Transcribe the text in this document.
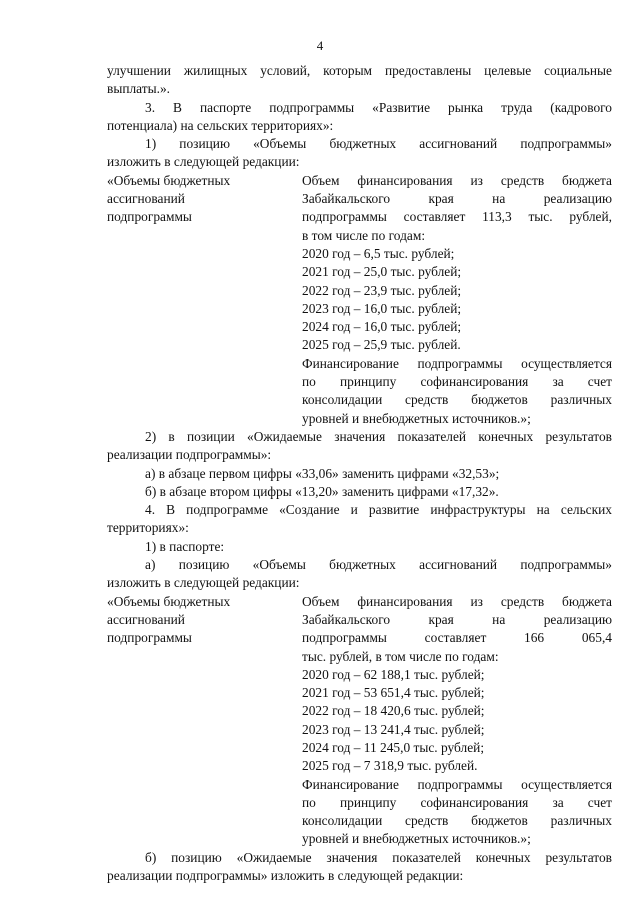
4
улучшении жилищных условий, которым предоставлены целевые социальные
выплаты.».
3. В паспорте подпрограммы «Развитие рынка труда (кадрового
потенциала) на сельских территориях»:
1) позицию «Объемы бюджетных ассигнований подпрограммы»
изложить в следующей редакции:
«Объемы бюджетных
ассигнований
подпрограммы
Объем финансирования из средств бюджета
Забайкальского края на реализацию
подпрограммы составляет 113,3 тыс. рублей,
в том числе по годам:
2020 год – 6,5 тыс. рублей;
2021 год – 25,0 тыс. рублей;
2022 год – 23,9 тыс. рублей;
2023 год – 16,0 тыс. рублей;
2024 год – 16,0 тыс. рублей;
2025 год – 25,9 тыс. рублей.
Финансирование подпрограммы осуществляется
по принципу софинансирования за счет
консолидации средств бюджетов различных
уровней и внебюджетных источников.»;
2) в позиции «Ожидаемые значения показателей конечных результатов
реализации подпрограммы»:
а) в абзаце первом цифры «33,06» заменить цифрами «32,53»;
б) в абзаце втором цифры «13,20» заменить цифрами «17,32».
4. В подпрограмме «Создание и развитие инфраструктуры на сельских
территориях»:
1) в паспорте:
а) позицию «Объемы бюджетных ассигнований подпрограммы»
изложить в следующей редакции:
«Объемы бюджетных
ассигнований
подпрограммы
Объем финансирования из средств бюджета
Забайкальского края на реализацию
подпрограммы составляет 166 065,4
тыс. рублей, в том числе по годам:
2020 год – 62 188,1 тыс. рублей;
2021 год – 53 651,4 тыс. рублей;
2022 год – 18 420,6 тыс. рублей;
2023 год – 13 241,4 тыс. рублей;
2024 год – 11 245,0 тыс. рублей;
2025 год – 7 318,9 тыс. рублей.
Финансирование подпрограммы осуществляется
по принципу софинансирования за счет
консолидации средств бюджетов различных
уровней и внебюджетных источников.»;
б) позицию «Ожидаемые значения показателей конечных результатов
реализации подпрограммы» изложить в следующей редакции:
